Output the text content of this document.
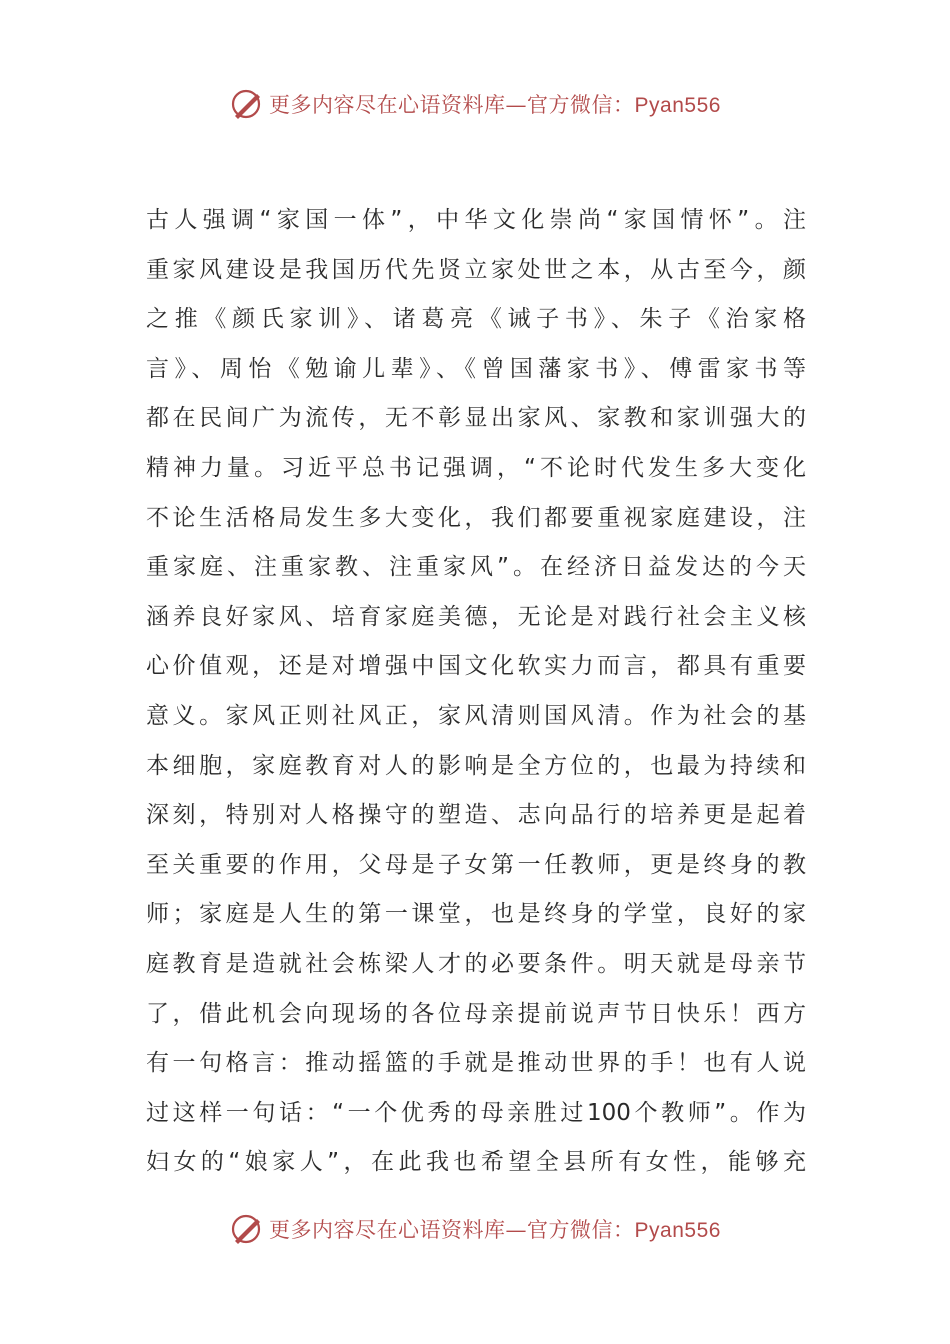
更多内容尽在心语资料库—官方微信：Pyan556
古人强调“家国一体”，中华文化崇尚“家国情怀”。注
重家风建设是我国历代先贤立家处世之本，从古至今，颜
之推《颜氏家训》、诸葛亮《诫子书》、朱子《治家格
言》、周怡《勉谕儿辈》、《曾国藩家书》、傅雷家书等
都在民间广为流传，无不彰显出家风、家教和家训强大的
精神力量。习近平总书记强调，“不论时代发生多大变化
不论生活格局发生多大变化，我们都要重视家庭建设，注
重家庭、注重家教、注重家风”。在经济日益发达的今天
涵养良好家风、培育家庭美德，无论是对践行社会主义核
心价值观，还是对增强中国文化软实力而言，都具有重要
意义。家风正则社风正，家风清则国风清。作为社会的基
本细胞，家庭教育对人的影响是全方位的，也最为持续和
深刻，特别对人格操守的塑造、志向品行的培养更是起着
至关重要的作用，父母是子女第一任教师，更是终身的教
师；家庭是人生的第一课堂，也是终身的学堂，良好的家
庭教育是造就社会栋梁人才的必要条件。明天就是母亲节
了，借此机会向现场的各位母亲提前说声节日快乐！西方
有一句格言：推动摇篮的手就是推动世界的手！也有人说
过这样一句话：“一个优秀的母亲胜过100个教师”。作为
妇女的“娘家人”，在此我也希望全县所有女性，能够充
更多内容尽在心语资料库—官方微信：Pyan556
